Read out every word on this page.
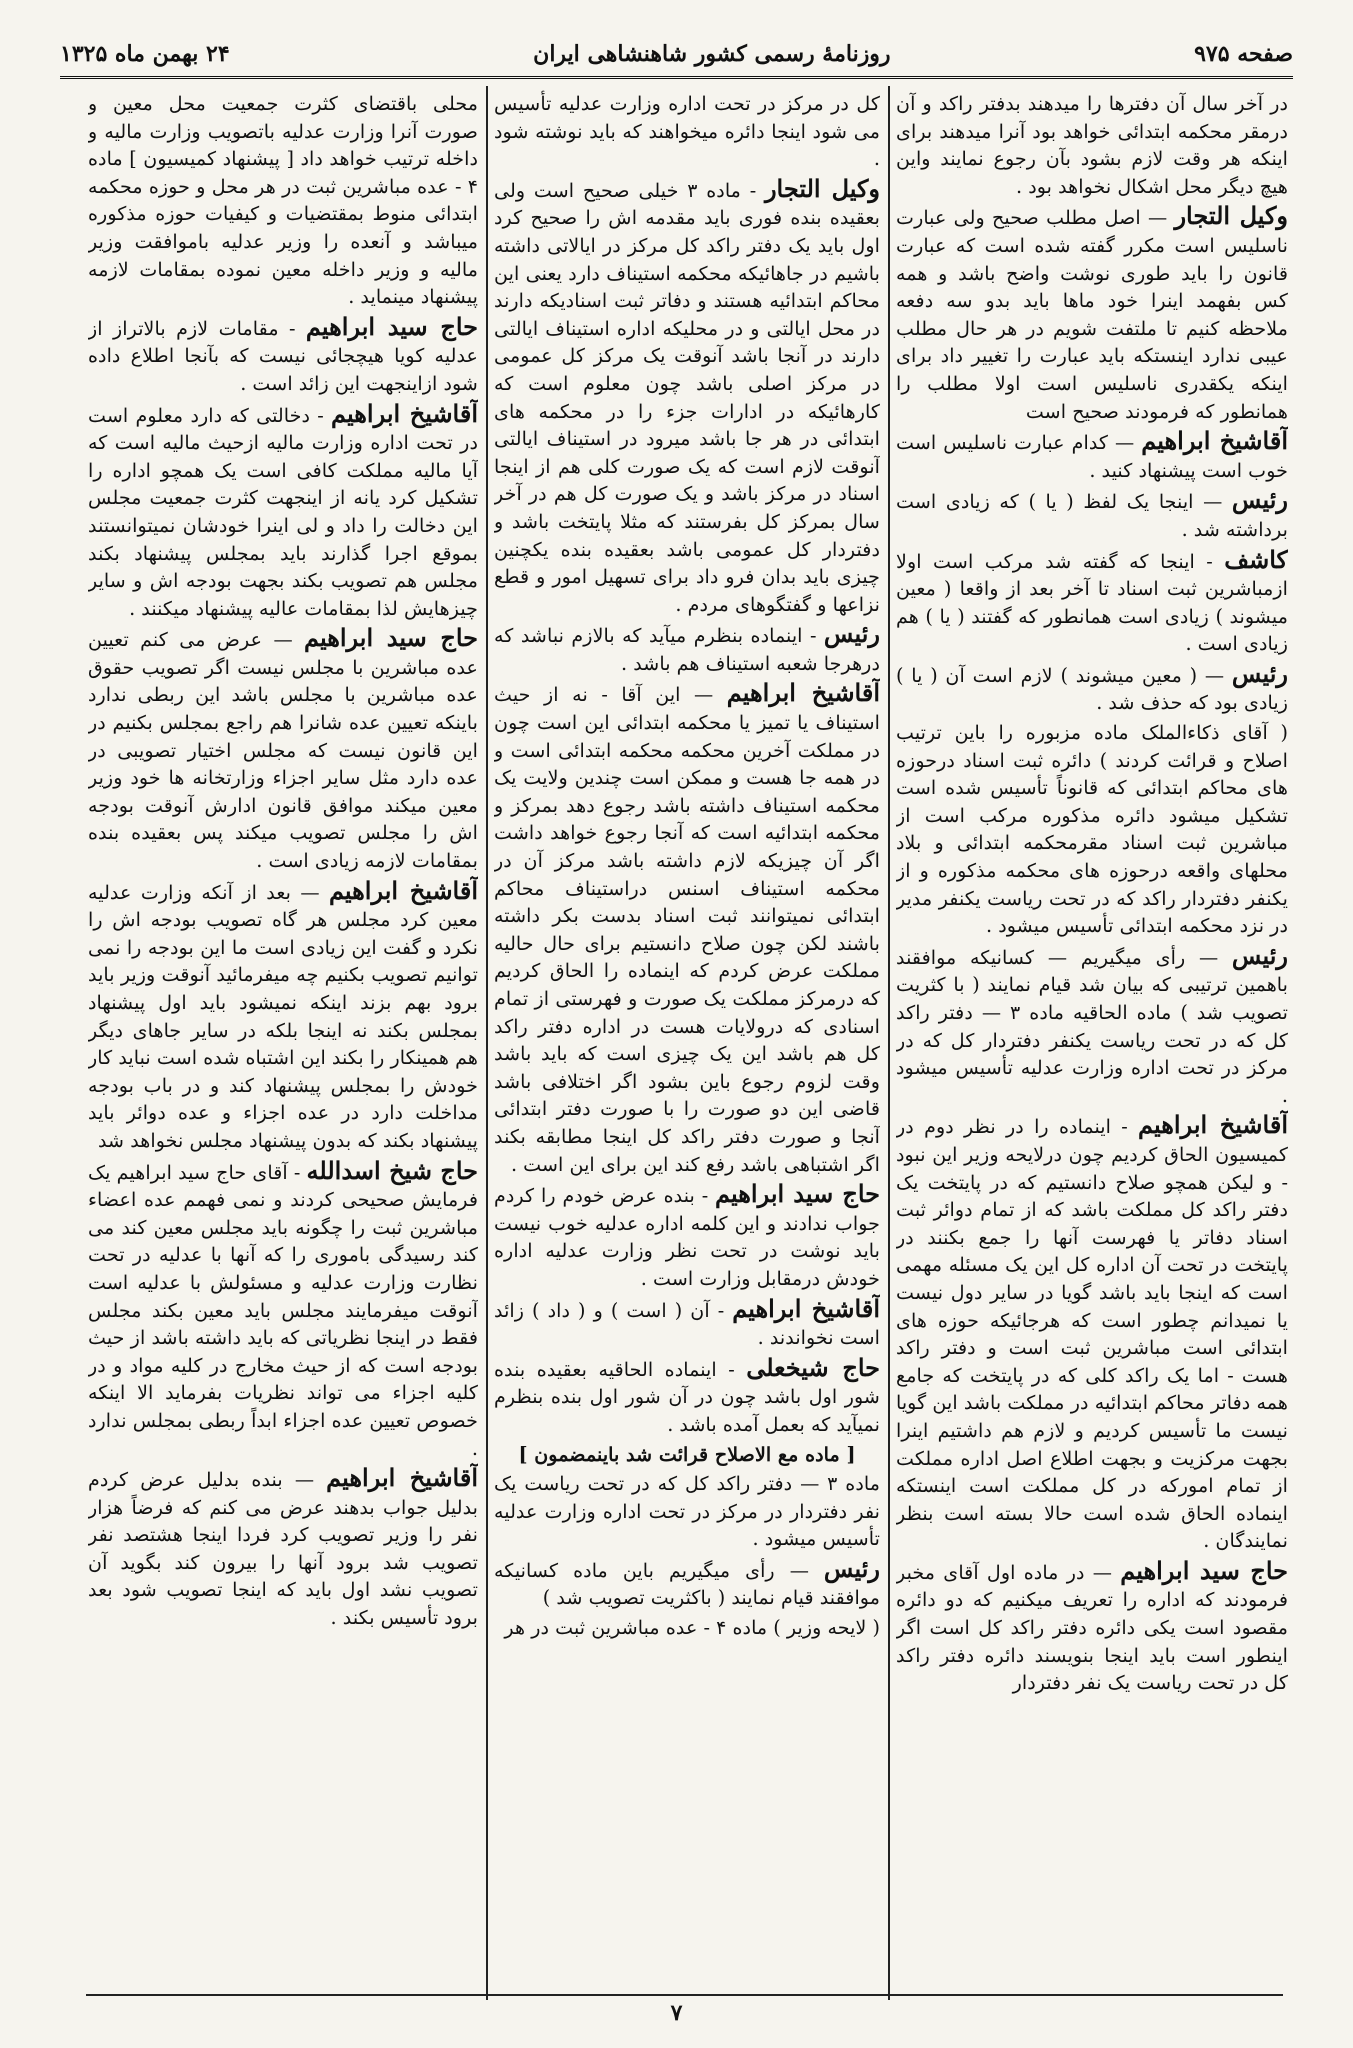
صفحه ۹۷۵
روزنامهٔ رسمی کشور شاهنشاهی ایران
۲۴ بهمن ماه ۱۳۲۵

در آخر سال آن دفترها را میدهند بدفتر راکد و آن درمقر محکمه ابتدائی خواهد بود آنرا میدهند برای اینکه هر وقت لازم بشود بآن رجوع نمایند واین هیچ دیگر محل اشکال نخواهد بود .

وکیل التجار — اصل مطلب صحیح ولی عبارت ناسلیس است مکرر گفته شده است که عبارت قانون را باید طوری نوشت واضح باشد و همه کس بفهمد اینرا خود ماها باید بدو سه دفعه ملاحظه کنیم تا ملتفت شویم در هر حال مطلب عیبی ندارد اینستکه باید عبارت را تغییر داد برای اینکه یکقدری ناسلیس است اولا مطلب را همانطور که فرمودند صحیح است

آقاشیخ ابراهیم — کدام عبارت ناسلیس است خوب است پیشنهاد کنید .

رئیس — اینجا یک لفظ ( یا ) که زیادی است برداشته شد .

کاشف - اینجا که گفته شد مرکب است اولا ازمباشرین ثبت اسناد تا آخر بعد از واقعا ( معین میشوند ) زیادی است همانطور که گفتند ( یا ) هم زیادی است .

رئیس — ( معین میشوند ) لازم است آن ( یا ) زیادی بود که حذف شد .

( آقای ذکاءالملک ماده مزبوره را باین ترتیب اصلاح و قرائت کردند ) دائره ثبت اسناد درحوزه های محاکم ابتدائی که قانوناً تأسیس شده است تشکیل میشود دائره مذکوره مرکب است از مباشرین ثبت اسناد مقرمحکمه ابتدائی و بلاد محلهای واقعه درحوزه های محکمه مذکوره و از یکنفر دفتردار راکد که در تحت ریاست یکنفر مدیر در نزد محکمه ابتدائی تأسیس میشود .

رئیس — رأی میگیریم — کسانیکه موافقند باهمین ترتیبی که بیان شد قیام نمایند ( با کثریت تصویب شد ) ماده الحاقیه ماده ۳ — دفتر راکد کل که در تحت ریاست یکنفر دفتردار کل که در مرکز در تحت اداره وزارت عدلیه تأسیس میشود .

آقاشیخ ابراهیم - اینماده را در نظر دوم در کمیسیون الحاق کردیم چون درلایحه وزیر این نبود - و لیکن همچو صلاح دانستیم که در پایتخت یک دفتر راکد کل مملکت باشد که از تمام دوائر ثبت اسناد دفاتر یا فهرست آنها را جمع بکنند در پایتخت در تحت آن اداره کل این یک مسئله مهمی است که اینجا باید باشد گویا در سایر دول نیست یا نمیدانم چطور است که هرجائیکه حوزه های ابتدائی است مباشرین ثبت است و دفتر راکد هست - اما یک راکد کلی که در پایتخت که جامع همه دفاتر محاکم ابتدائیه در مملکت باشد این گویا نیست ما تأسیس کردیم و لازم هم داشتیم اینرا بجهت مرکزیت و بجهت اطلاع اصل اداره مملکت از تمام امورکه در کل مملکت است اینستکه اینماده الحاق شده است حالا بسته است بنظر نمایندگان .

حاج سید ابراهیم — در ماده اول آقای مخبر فرمودند که اداره را تعریف میکنیم که دو دائره مقصود است یکی دائره دفتر راکد کل است اگر اینطور است باید اینجا بنویسند دائره دفتر راکد کل در تحت ریاست یک نفر دفتردار

کل در مرکز در تحت اداره وزارت عدلیه تأسیس می شود اینجا دائره میخواهند که باید نوشته شود .

وکیل التجار - ماده ۳ خیلی صحیح است ولی بعقیده بنده فوری باید مقدمه اش را صحیح کرد اول باید یک دفتر راکد کل مرکز در ایالاتی داشته باشیم در جاهائیکه محکمه استیناف دارد یعنی این محاکم ابتدائیه هستند و دفاتر ثبت اسنادیکه دارند در محل ایالتی و در محلیکه اداره استیناف ایالتی دارند در آنجا باشد آنوقت یک مرکز کل عمومی در مرکز اصلی باشد چون معلوم است که کارهائیکه در ادارات جزء را در محکمه های ابتدائی در هر جا باشد میرود در استیناف ایالتی آنوقت لازم است که یک صورت کلی هم از اینجا اسناد در مرکز باشد و یک صورت کل هم در آخر سال بمرکز کل بفرستند که مثلا پایتخت باشد و دفتردار کل عمومی باشد بعقیده بنده یکچنین چیزی باید بدان فرو داد برای تسهیل امور و قطع نزاعها و گفتگوهای مردم .

رئیس - اینماده بنظرم میآید که بالازم نباشد که درهرجا شعبه استیناف هم باشد .

آقاشیخ ابراهیم — این آقا - نه از حیث استیناف یا تمیز یا محکمه ابتدائی این است چون در مملکت آخرین محکمه محکمه ابتدائی است و در همه جا هست و ممکن است چندین ولایت یک محکمه استیناف داشته باشد رجوع دهد بمرکز و محکمه ابتدائیه است که آنجا رجوع خواهد داشت اگر آن چیزیکه لازم داشته باشد مرکز آن در محکمه استیناف اسنس دراستیناف محاکم ابتدائی نمیتوانند ثبت اسناد بدست بکر داشته باشند لکن چون صلاح دانستیم برای حال حالیه مملکت عرض کردم که اینماده را الحاق کردیم که درمرکز مملکت یک صورت و فهرستی از تمام اسنادی که درولایات هست در اداره دفتر راکد کل هم باشد این یک چیزی است که باید باشد وقت لزوم رجوع باین بشود اگر اختلافی باشد قاضی این دو صورت را با صورت دفتر ابتدائی آنجا و صورت دفتر راکد کل اینجا مطابقه بکند اگر اشتباهی باشد رفع کند این برای این است .

حاج سید ابراهیم - بنده عرض خودم را کردم جواب ندادند و این کلمه اداره عدلیه خوب نیست باید نوشت در تحت نظر وزارت عدلیه اداره خودش درمقابل وزارت است .

آقاشیخ ابراهیم - آن ( است ) و ( داد ) زائد است نخواندند .

حاج شیخعلی - اینماده الحاقیه بعقیده بنده شور اول باشد چون در آن شور اول بنده بنظرم نمیآید که بعمل آمده باشد .

[ ماده مع الاصلاح قرائت شد باینمضمون ]

ماده ۳ — دفتر راکد کل که در تحت ریاست یک نفر دفتردار در مرکز در تحت اداره وزارت عدلیه تأسیس میشود .

رئیس — رأی میگیریم باین ماده کسانیکه موافقند قیام نمایند ( باکثریت تصویب شد )

( لایحه وزیر ) ماده ۴ - عده مباشرین ثبت در هر

محلی باقتضای کثرت جمعیت محل معین و صورت آنرا وزارت عدلیه باتصویب وزارت مالیه و داخله ترتیب خواهد داد [ پیشنهاد کمیسیون ] ماده ۴ - عده مباشرین ثبت در هر محل و حوزه محکمه ابتدائی منوط بمقتضیات و کیفیات حوزه مذکوره میباشد و آنعده را وزیر عدلیه باموافقت وزیر مالیه و وزیر داخله معین نموده بمقامات لازمه پیشنهاد مینماید .

حاج سید ابراهیم - مقامات لازم بالاتراز از عدلیه کویا هیچجائی نیست که بآنجا اطلاع داده شود ازاینجهت این زائد است .

آقاشیخ ابراهیم - دخالتی که دارد معلوم است در تحت اداره وزارت مالیه ازحیث مالیه است که آیا مالیه مملکت کافی است یک همچو اداره را تشکیل کرد یانه از اینجهت کثرت جمعیت مجلس این دخالت را داد و لی اینرا خودشان نمیتوانستند بموقع اجرا گذارند باید بمجلس پیشنهاد بکند مجلس هم تصویب بکند بجهت بودجه اش و سایر چیزهایش لذا بمقامات عالیه پیشنهاد میکنند .

حاج سید ابراهیم — عرض می کنم تعیین عده مباشرین با مجلس نیست اگر تصویب حقوق عده مباشرین با مجلس باشد این ربطی ندارد باینکه تعیین عده شانرا هم راجع بمجلس بکنیم در این قانون نیست که مجلس اختیار تصویبی در عده دارد مثل سایر اجزاء وزارتخانه ها خود وزیر معین میکند موافق قانون ادارش آنوقت بودجه اش را مجلس تصویب میکند پس بعقیده بنده بمقامات لازمه زیادی است .

آقاشیخ ابراهیم — بعد از آنکه وزارت عدلیه معین کرد مجلس هر گاه تصویب بودجه اش را نکرد و گفت این زیادی است ما این بودجه را نمی توانیم تصویب بکنیم چه میفرمائید آنوقت وزیر باید برود بهم بزند اینکه نمیشود باید اول پیشنهاد بمجلس بکند نه اینجا بلکه در سایر جاهای دیگر هم همینکار را بکند این اشتباه شده است نباید کار خودش را بمجلس پیشنهاد کند و در باب بودجه مداخلت دارد در عده اجزاء و عده دوائر باید پیشنهاد بکند که بدون پیشنهاد مجلس نخواهد شد

حاج شیخ اسدالله - آقای حاج سید ابراهیم یک فرمایش صحیحی کردند و نمی فهمم عده اعضاء مباشرین ثبت را چگونه باید مجلس معین کند می کند رسیدگی باموری را که آنها با عدلیه در تحت نظارت وزارت عدلیه و مسئولش با عدلیه است آنوقت میفرمایند مجلس باید معین بکند مجلس فقط در اینجا نظریاتی که باید داشته باشد از حیث بودجه است که از حیث مخارج در کلیه مواد و در کلیه اجزاء می تواند نظریات بفرماید الا اینکه خصوص تعیین عده اجزاء ابداً ربطی بمجلس ندارد .

آقاشیخ ابراهیم — بنده بدلیل عرض کردم بدلیل جواب بدهند عرض می کنم که فرضاً هزار نفر را وزیر تصویب کرد فردا اینجا هشتصد نفر تصویب شد برود آنها را بیرون کند بگوید آن تصویب نشد اول باید که اینجا تصویب شود بعد برود تأسیس بکند .

۷
